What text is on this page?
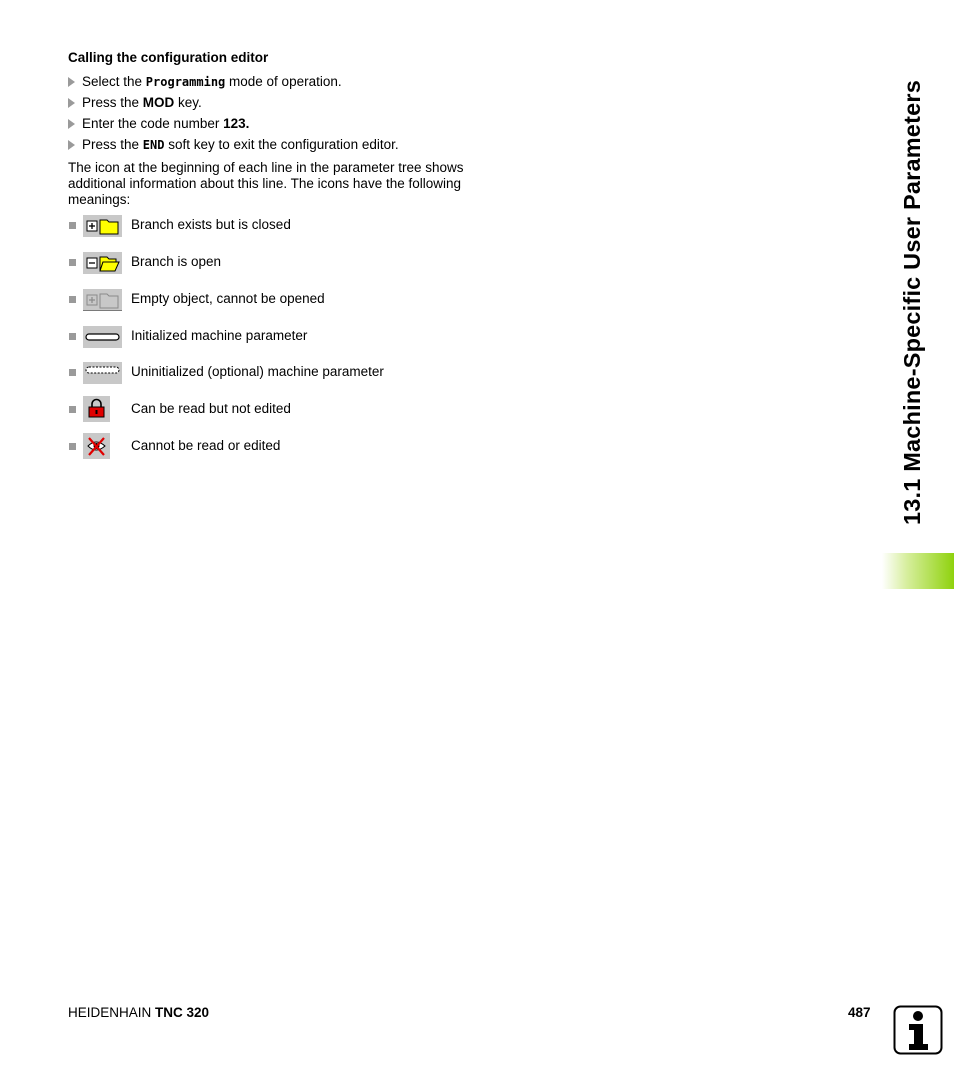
Calling the configuration editor
Select the Programming mode of operation.
Press the MOD key.
Enter the code number 123.
Press the END soft key to exit the configuration editor.

The icon at the beginning of each line in the parameter tree shows additional information about this line. The icons have the following meanings:

Branch exists but is closed
Branch is open
Empty object, cannot be opened
Initialized machine parameter
Uninitialized (optional) machine parameter
Can be read but not edited
Cannot be read or edited	13.1 Machine-Specific User Parameters
HEIDENHAIN TNC 320	487
